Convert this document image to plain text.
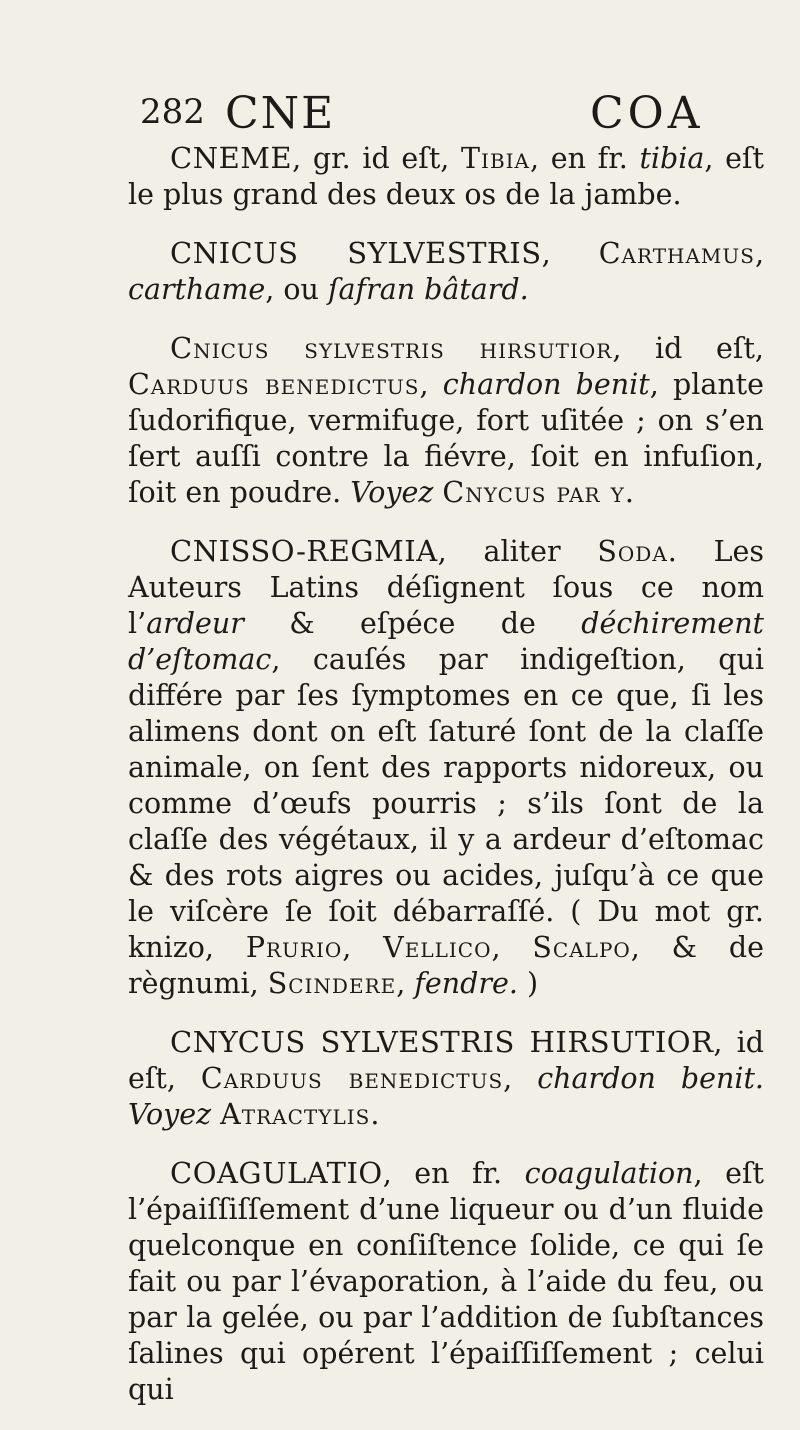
282 CNE	COA

CNEME, gr. id eſt, Tibia, en fr. tibia, eſt le plus grand des deux os de la jambe.

CNICUS SYLVESTRIS, Carthamus, carthame, ou ſafran bâtard.

Cnicus sylvestris hirsutior, id eſt, Carduus benedictus, chardon benit, plante ſudorifique, vermifuge, fort uſitée ; on s’en ſert auſſi contre la fiévre, ſoit en infuſion, ſoit en poudre. Voyez Cnycus par y.

CNISSO-REGMIA, aliter Soda. Les Auteurs Latins déſignent ſous ce nom l’ardeur & eſpéce de déchirement d’eſtomac, cauſés par indigeſtion, qui différe par ſes ſymptomes en ce que, ſi les alimens dont on eſt ſaturé ſont de la claſſe animale, on ſent des rapports nidoreux, ou comme d’œufs pourris ; s’ils ſont de la claſſe des végétaux, il y a ardeur d’eſtomac & des rots aigres ou acides, juſqu’à ce que le viſcère ſe ſoit débarraſſé. ( Du mot gr. knizo, Prurio, Vellico, Scalpo, & de règnumi, Scindere, fendre. )

CNYCUS SYLVESTRIS HIRSUTIOR, id eſt, Carduus benedictus, chardon benit. Voyez Atractylis.

COAGULATIO, en fr. coagulation, eſt l’épaiſſiſſement d’une liqueur ou d’un fluide quelconque en conſiſtence ſolide, ce qui ſe fait ou par l’évaporation, à l’aide du feu, ou par la gelée, ou par l’addition de ſubſtances ſalines qui opérent l’épaiſſiſſement ; celui qui
